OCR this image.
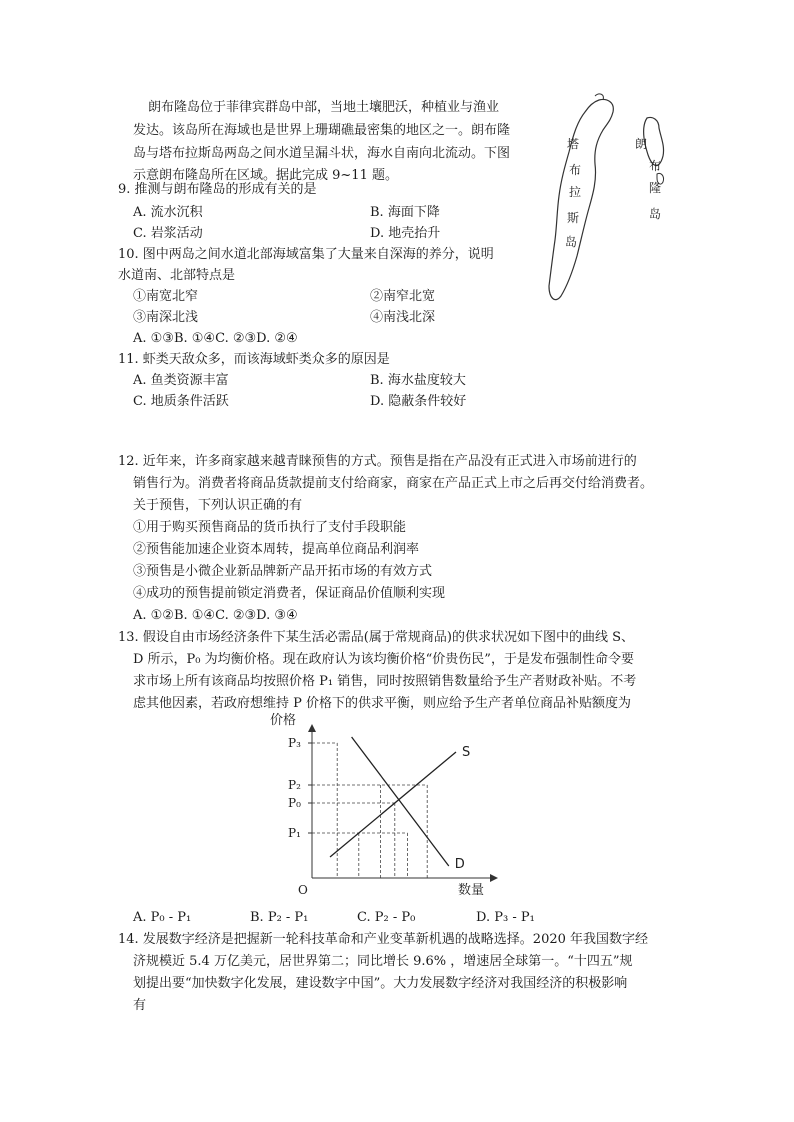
朗布隆岛位于菲律宾群岛中部，当地土壤肥沃，种植业与渔业
发达。该岛所在海域也是世界上珊瑚礁最密集的地区之一。朗布隆
岛与塔布拉斯岛两岛之间水道呈漏斗状，海水自南向北流动。下图
示意朗布隆岛所在区域。据此完成 9~11 题。
塔
布
拉
斯
岛
朗
布
隆
岛
9. 推测与朗布隆岛的形成有关的是
A. 流水沉积	B. 海面下降
C. 岩浆活动	D. 地壳抬升
10. 图中两岛之间水道北部海域富集了大量来自深海的养分，说明
水道南、北部特点是
①南宽北窄	②南窄北宽
③南深北浅	④南浅北深
A. ①③B. ①④C. ②③D. ②④
11. 虾类天敌众多，而该海域虾类众多的原因是
A. 鱼类资源丰富	B. 海水盐度较大
C. 地质条件活跃	D. 隐蔽条件较好
12. 近年来，许多商家越来越青睐预售的方式。预售是指在产品没有正式进入市场前进行的
销售行为。消费者将商品货款提前支付给商家，商家在产品正式上市之后再交付给消费者。
关于预售，下列认识正确的有
①用于购买预售商品的货币执行了支付手段职能
②预售能加速企业资本周转，提高单位商品利润率
③预售是小微企业新品牌新产品开拓市场的有效方式
④成功的预售提前锁定消费者，保证商品价值顺利实现
A. ①②B. ①④C. ②③D. ③④
13. 假设自由市场经济条件下某生活必需品(属于常规商品)的供求状况如下图中的曲线 S、
D 所示，P₀ 为均衡价格。现在政府认为该均衡价格“价贵伤民”，于是发布强制性命令要
求市场上所有该商品均按照价格 P₁ 销售，同时按照销售数量给予生产者财政补贴。不考
虑其他因素，若政府想维持 P 价格下的供求平衡，则应给予生产者单位商品补贴额度为
价格
数量
O
P₃
P₂
P₀
P₁
S
D
A. P₀ - P₁	B. P₂ - P₁	C. P₂ - P₀	D. P₃ - P₁
14. 发展数字经济是把握新一轮科技革命和产业变革新机遇的战略选择。2020 年我国数字经
济规模近 5.4 万亿美元，居世界第二；同比增长 9.6% ，增速居全球第一。“十四五”规
划提出要“加快数字化发展，建设数字中国”。大力发展数字经济对我国经济的积极影响
有
